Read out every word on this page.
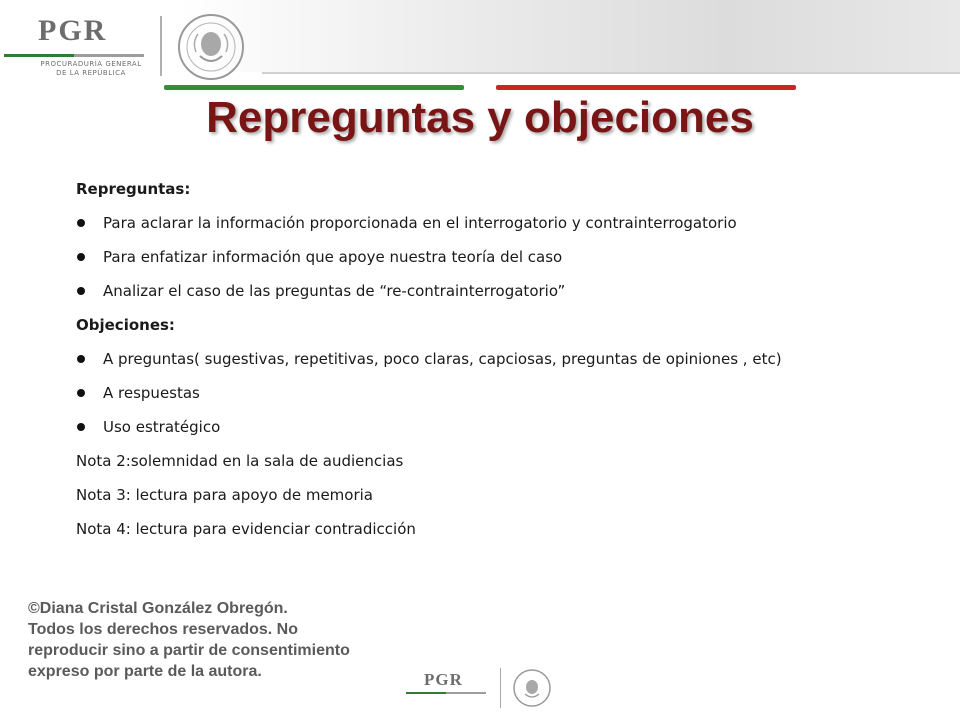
PGR
PROCURADURÍA GENERAL
DE LA REPÚBLICA
Repreguntas y objeciones
Repreguntas:
Para aclarar la información proporcionada en el interrogatorio y contrainterrogatorio
Para enfatizar información que apoye nuestra teoría del caso
Analizar el caso de las preguntas de “re-contrainterrogatorio”
Objeciones:
A preguntas( sugestivas, repetitivas, poco claras, capciosas, preguntas de opiniones , etc)
A respuestas
Uso estratégico
Nota 2:solemnidad en la sala de audiencias
Nota 3: lectura para apoyo de memoria
Nota 4: lectura para evidenciar contradicción
©Diana Cristal González Obregón.
Todos los derechos reservados. No
reproducir sino a partir de consentimiento
expreso por parte de la autora.	PGR
